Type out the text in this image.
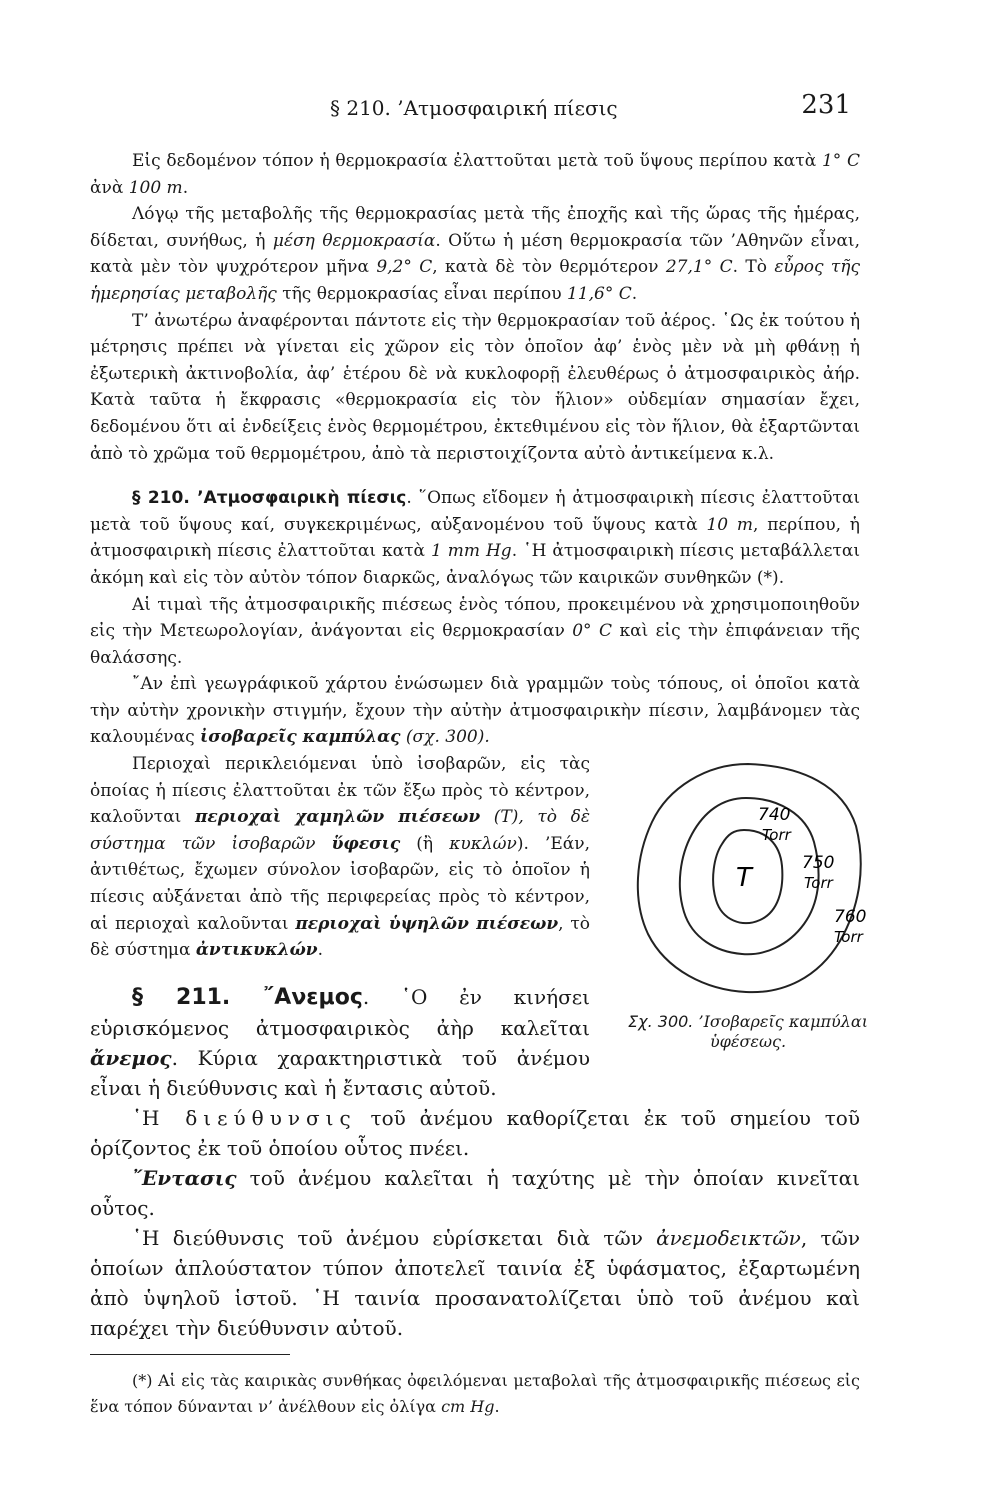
§ 210. ’Ατμοσφαιρική πίεσις	231

Εἰς δεδομένον τόπον ἡ θερμοκρασία ἐλαττοῦται μετὰ τοῦ ὕψους περίπου κατὰ 1° C ἀνὰ 100 m.

Λόγῳ τῆς μεταβολῆς τῆς θερμοκρασίας μετὰ τῆς ἐποχῆς καὶ τῆς ὥρας τῆς ἡμέρας, δίδεται, συνήθως, ἡ μέση θερμοκρασία. Οὕτω ἡ μέση θερμοκρασία τῶν ’Αθηνῶν εἶναι, κατὰ μὲν τὸν ψυχρότερον μῆνα 9,2° C, κατὰ δὲ τὸν θερμότερον 27,1° C. Τὸ εὖρος τῆς ἡμερησίας μεταβολῆς τῆς θερμοκρασίας εἶναι περίπου 11,6° C.

Τ’ ἀνωτέρω ἀναφέρονται πάντοτε εἰς τὴν θερμοκρασίαν τοῦ ἀέρος. ῾Ως ἐκ τούτου ἡ μέτρησις πρέπει νὰ γίνεται εἰς χῶρον εἰς τὸν ὁποῖον ἀφ’ ἑνὸς μὲν νὰ μὴ φθάνῃ ἡ ἐξωτερικὴ ἀκτινοβολία, ἀφ’ ἑτέρου δὲ νὰ κυκλοφορῇ ἐλευθέρως ὁ ἀτμοσφαιρικὸς ἀήρ. Κατὰ ταῦτα ἡ ἔκφρασις «θερμοκρασία εἰς τὸν ἥλιον» οὐδεμίαν σημασίαν ἔχει, δεδομένου ὅτι αἱ ἐνδείξεις ἑνὸς θερμομέτρου, ἐκτεθιμένου εἰς τὸν ἥλιον, θὰ ἐξαρτῶνται ἀπὸ τὸ χρῶμα τοῦ θερμομέτρου, ἀπὸ τὰ περιστοιχίζοντα αὐτὸ ἀντικείμενα κ.λ.

§ 210. ’Ατμοσφαιρικὴ πίεσις. ῞Οπως εἴδομεν ἡ ἀτμοσφαιρικὴ πίεσις ἐλαττοῦται μετὰ τοῦ ὕψους καί, συγκεκριμένως, αὐξανομένου τοῦ ὕψους κατὰ 10 m, περίπου, ἡ ἀτμοσφαιρικὴ πίεσις ἐλαττοῦται κατὰ 1 mm Hg. ῾Η ἀτμοσφαιρικὴ πίεσις μεταβάλλεται ἀκόμη καὶ εἰς τὸν αὐτὸν τόπον διαρκῶς, ἀναλόγως τῶν καιρικῶν συνθηκῶν (*).

Αἱ τιμαὶ τῆς ἀτμοσφαιρικῆς πιέσεως ἑνὸς τόπου, προκειμένου νὰ χρησιμοποιηθοῦν εἰς τὴν Μετεωρολογίαν, ἀνάγονται εἰς θερμοκρασίαν 0° C καὶ εἰς τὴν ἐπιφάνειαν τῆς θαλάσσης.

῎Αν ἐπὶ γεωγράφικοῦ χάρτου ἑνώσωμεν διὰ γραμμῶν τοὺς τόπους, οἱ ὁποῖοι κατὰ τὴν αὐτὴν χρονικὴν στιγμήν, ἔχουν τὴν αὐτὴν ἀτμοσφαιρικὴν πίεσιν, λαμβάνομεν τὰς καλουμένας ἰσοβαρεῖς καμπύλας (σχ. 300).

T
740
Torr
750
Torr
760
Torr
Σχ. 300. ’Ισοβαρεῖς καμπύλαι ὑφέσεως.

Περιοχαὶ περικλειόμεναι ὑπὸ ἰσοβαρῶν, εἰς τὰς ὁποίας ἡ πίεσις ἐλαττοῦται ἐκ τῶν ἔξω πρὸς τὸ κέντρον, καλοῦνται περιοχαὶ χαμηλῶν πιέσεων (T), τὸ δὲ σύστημα τῶν ἰσοβαρῶν ὕφεσις (ἢ κυκλών). ’Εάν, ἀντιθέτως, ἔχωμεν σύνολον ἰσοβαρῶν, εἰς τὸ ὁποῖον ἡ πίεσις αὐξάνεται ἀπὸ τῆς περιφερείας πρὸς τὸ κέντρον, αἱ περιοχαὶ καλοῦνται περιοχαὶ ὑψηλῶν πιέσεων, τὸ δὲ σύστημα ἀντικυκλών.

§ 211. ῎Ανεμος. ῾Ο ἐν κινήσει εὑρισκόμενος ἀτμοσφαιρικὸς ἀὴρ καλεῖται ἄνεμος. Κύρια χαρακτηριστικὰ τοῦ ἀνέμου εἶναι ἡ διεύθυνσις καὶ ἡ ἔντασις αὐτοῦ.

῾Η διεύθυνσις τοῦ ἀνέμου καθορίζεται ἐκ τοῦ σημείου τοῦ ὁρίζοντος ἐκ τοῦ ὁποίου οὗτος πνέει.

῎Εντασις τοῦ ἀνέμου καλεῖται ἡ ταχύτης μὲ τὴν ὁποίαν κινεῖται οὗτος.

῾Η διεύθυνσις τοῦ ἀνέμου εὑρίσκεται διὰ τῶν ἀνεμοδεικτῶν, τῶν ὁποίων ἁπλούστατον τύπον ἀποτελεῖ ταινία ἐξ ὑφάσματος, ἐξαρτωμένη ἀπὸ ὑψηλοῦ ἱστοῦ. ῾Η ταινία προσανατολίζεται ὑπὸ τοῦ ἀνέμου καὶ παρέχει τὴν διεύθυνσιν αὐτοῦ.

(*) Αἱ εἰς τὰς καιρικὰς συνθήκας ὀφειλόμεναι μεταβολαὶ τῆς ἀτμοσφαιρικῆς πιέσεως εἰς ἕνα τόπον δύνανται ν’ ἀνέλθουν εἰς ὀλίγα cm Hg.
